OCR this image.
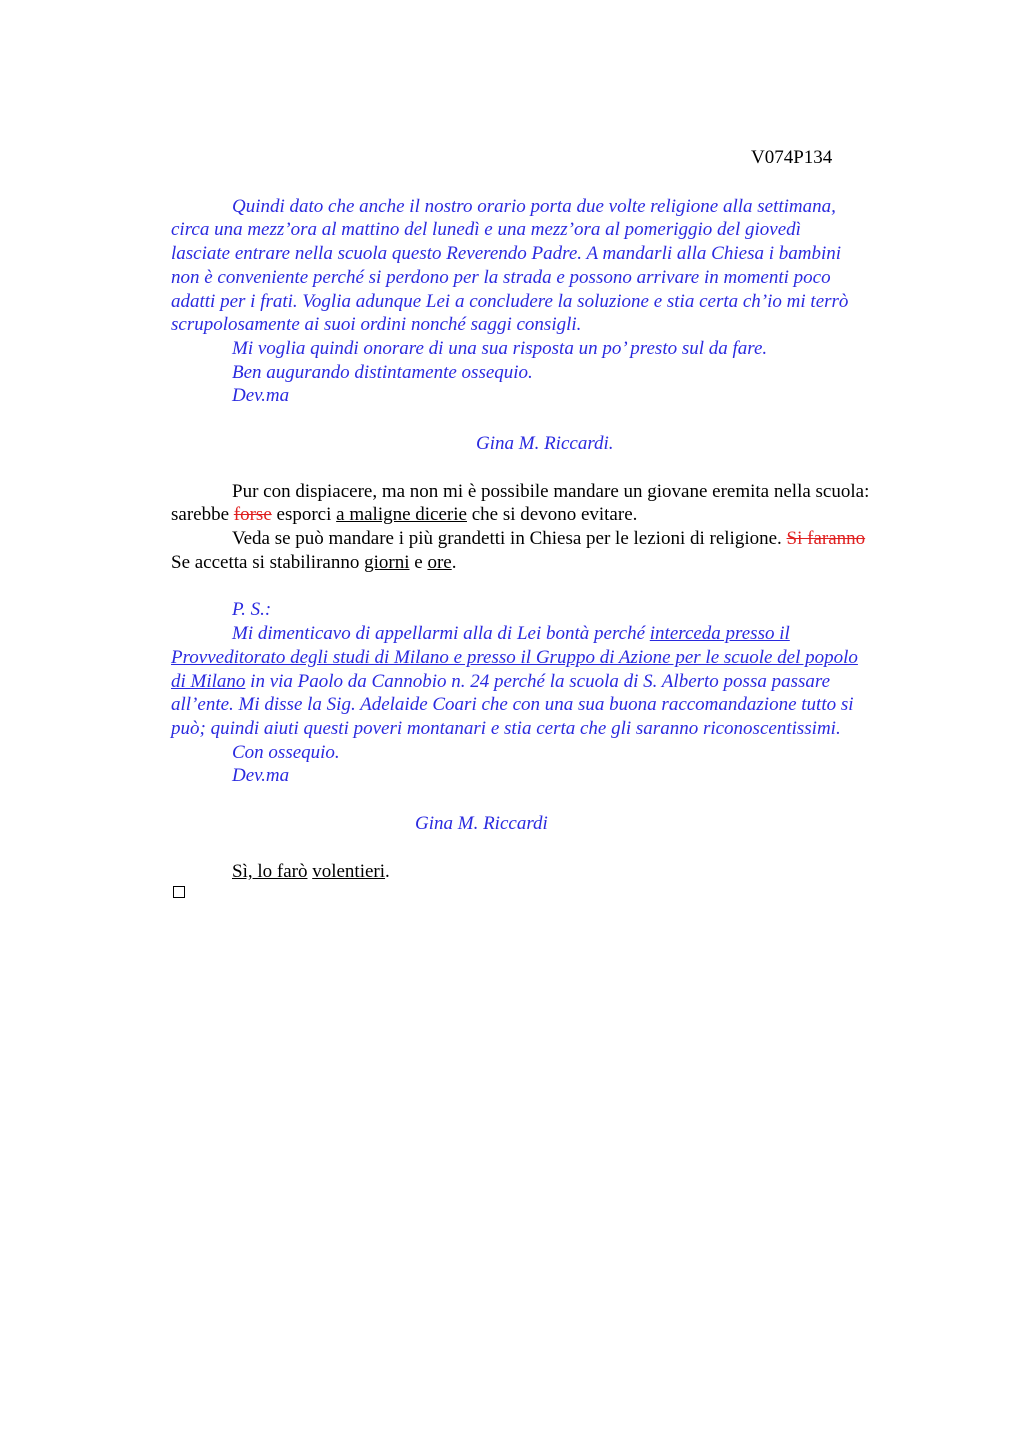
V074P134
Quindi dato che anche il nostro orario porta due volte religione alla settimana,
circa una mezz’ora al mattino del lunedì e una mezz’ora al pomeriggio del giovedì
lasciate entrare nella scuola questo Reverendo Padre. A mandarli alla Chiesa i bambini
non è conveniente perché si perdono per la strada e possono arrivare in momenti poco
adatti per i frati. Voglia adunque Lei a concludere la soluzione e stia certa ch’io mi terrò
scrupolosamente ai suoi ordini nonché saggi consigli.
Mi voglia quindi onorare di una sua risposta un po’ presto sul da fare.
Ben augurando distintamente ossequio.
Dev.ma
Gina M. Riccardi.
Pur con dispiacere, ma non mi è possibile mandare un giovane eremita nella scuola:
sarebbe forse esporci a maligne dicerie che si devono evitare.
Veda se può mandare i più grandetti in Chiesa per le lezioni di religione. Si faranno
Se accetta si stabiliranno giorni e ore.
P. S.:
Mi dimenticavo di appellarmi alla di Lei bontà perché interceda presso il
Provveditorato degli studi di Milano e presso il Gruppo di Azione per le scuole del popolo
di Milano in via Paolo da Cannobio n. 24 perché la scuola di S. Alberto possa passare
all’ente. Mi disse la Sig. Adelaide Coari che con una sua buona raccomandazione tutto si
può; quindi aiuti questi poveri montanari e stia certa che gli saranno riconoscentissimi.
Con ossequio.
Dev.ma
Gina M. Riccardi
Sì, lo farò volentieri.
